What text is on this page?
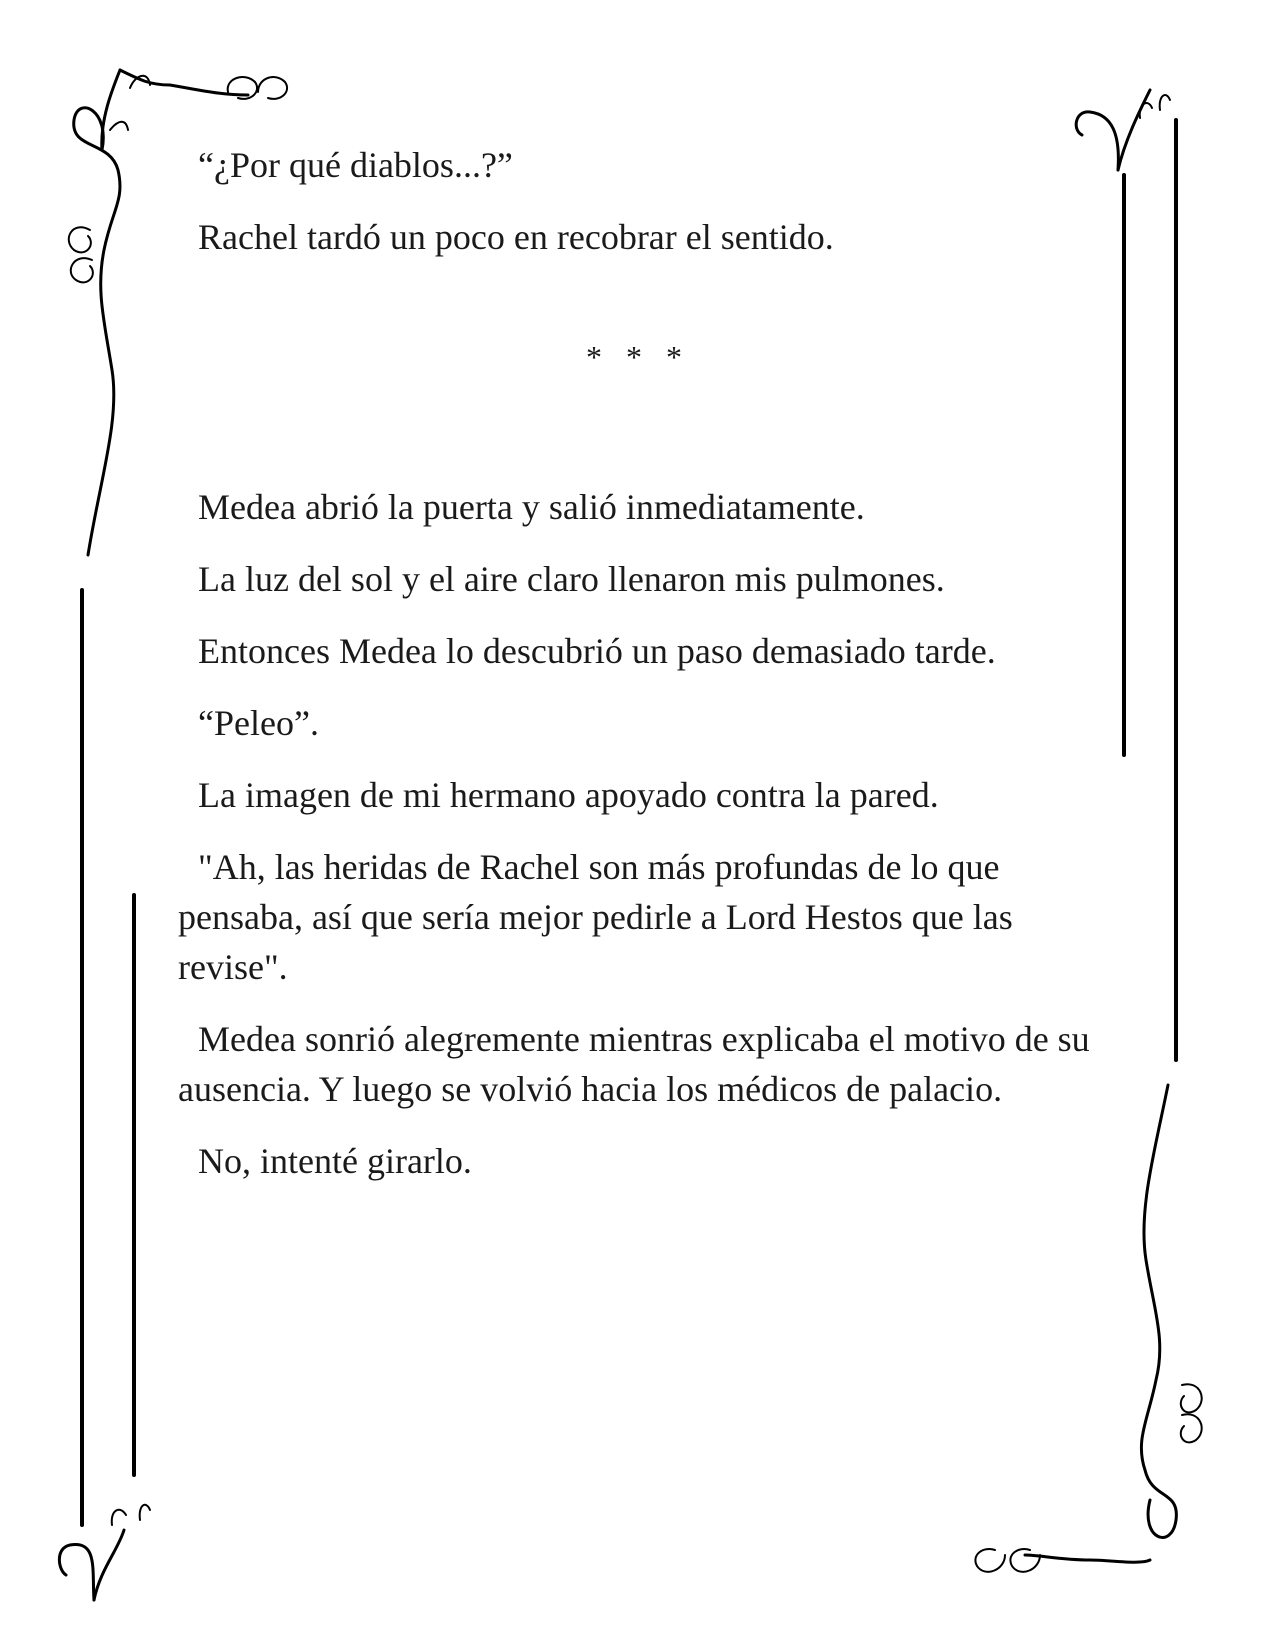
“¿Por qué diablos...?”

Rachel tardó un poco en recobrar el sentido.

* * *

Medea abrió la puerta y salió inmediatamente.

La luz del sol y el aire claro llenaron mis pulmones.

Entonces Medea lo descubrió un paso demasiado tarde.

“Peleo”.

La imagen de mi hermano apoyado contra la pared.

"Ah, las heridas de Rachel son más profundas de lo que pensaba, así que sería mejor pedirle a Lord Hestos que las revise".

Medea sonrió alegremente mientras explicaba el motivo de su ausencia. Y luego se volvió hacia los médicos de palacio.

No, intenté girarlo.
